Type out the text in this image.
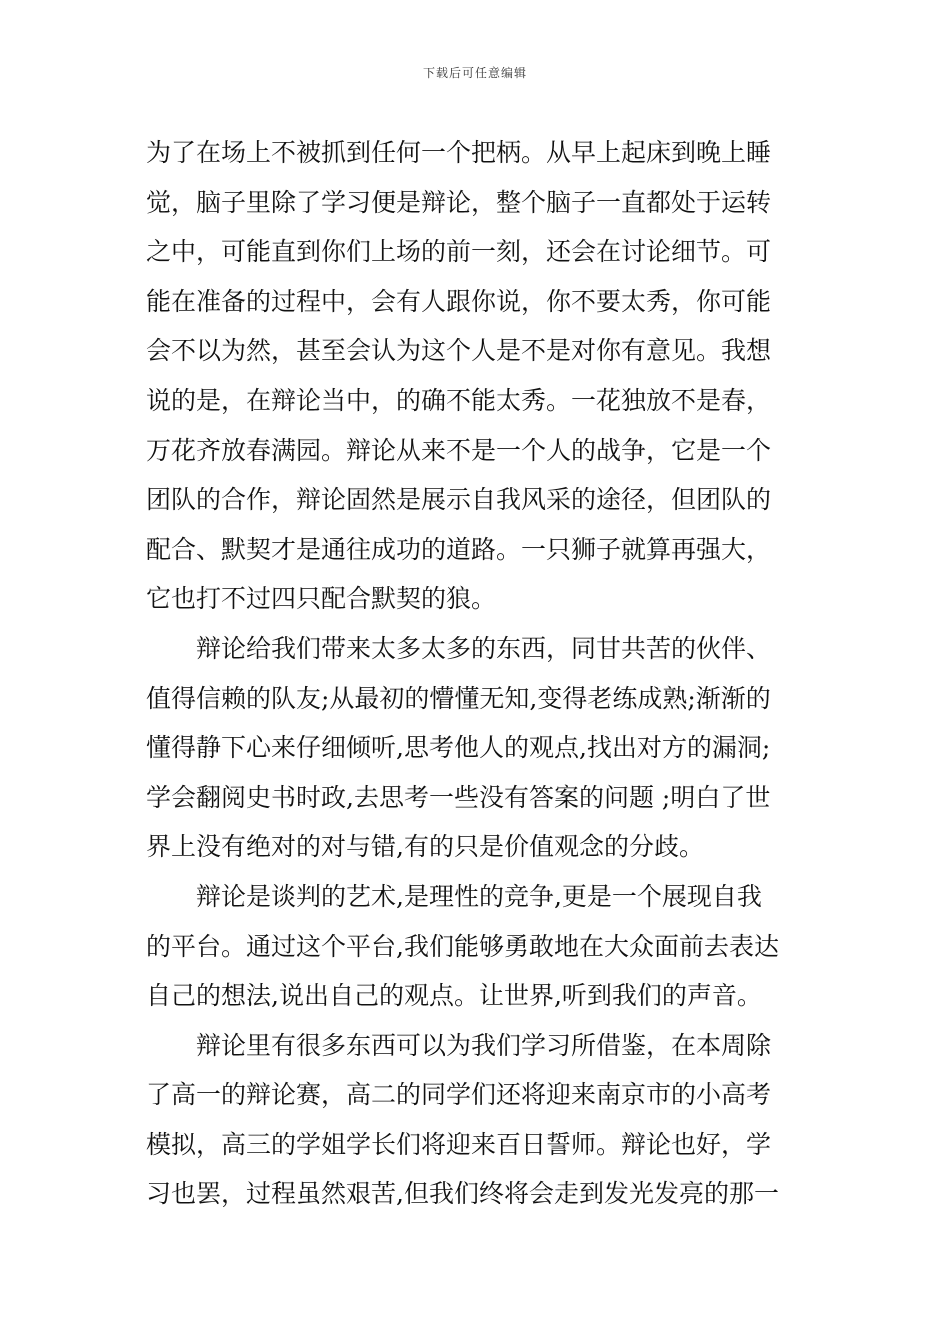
下载后可任意编辑
为了在场上不被抓到任何一个把柄。从早上起床到晚上睡
觉，脑子里除了学习便是辩论，整个脑子一直都处于运转
之中，可能直到你们上场的前一刻，还会在讨论细节。可
能在准备的过程中，会有人跟你说，你不要太秀，你可能
会不以为然，甚至会认为这个人是不是对你有意见。我想
说的是，在辩论当中，的确不能太秀。一花独放不是春，
万花齐放春满园。辩论从来不是一个人的战争，它是一个
团队的合作，辩论固然是展示自我风采的途径，但团队的
配合、默契才是通往成功的道路。一只狮子就算再强大，
它也打不过四只配合默契的狼。
辩论给我们带来太多太多的东西，同甘共苦的伙伴、
值得信赖的队友;从最初的懵懂无知,变得老练成熟;渐渐的
懂得静下心来仔细倾听,思考他人的观点,找出对方的漏洞;
学会翻阅史书时政,去思考一些没有答案的问题 ;明白了世
界上没有绝对的对与错,有的只是价值观念的分歧。
辩论是谈判的艺术,是理性的竞争,更是一个展现自我
的平台。通过这个平台,我们能够勇敢地在大众面前去表达
自己的想法,说出自己的观点。让世界,听到我们的声音。
辩论里有很多东西可以为我们学习所借鉴，在本周除
了高一的辩论赛，高二的同学们还将迎来南京市的小高考
模拟，高三的学姐学长们将迎来百日誓师。辩论也好，学
习也罢，过程虽然艰苦,但我们终将会走到发光发亮的那一
